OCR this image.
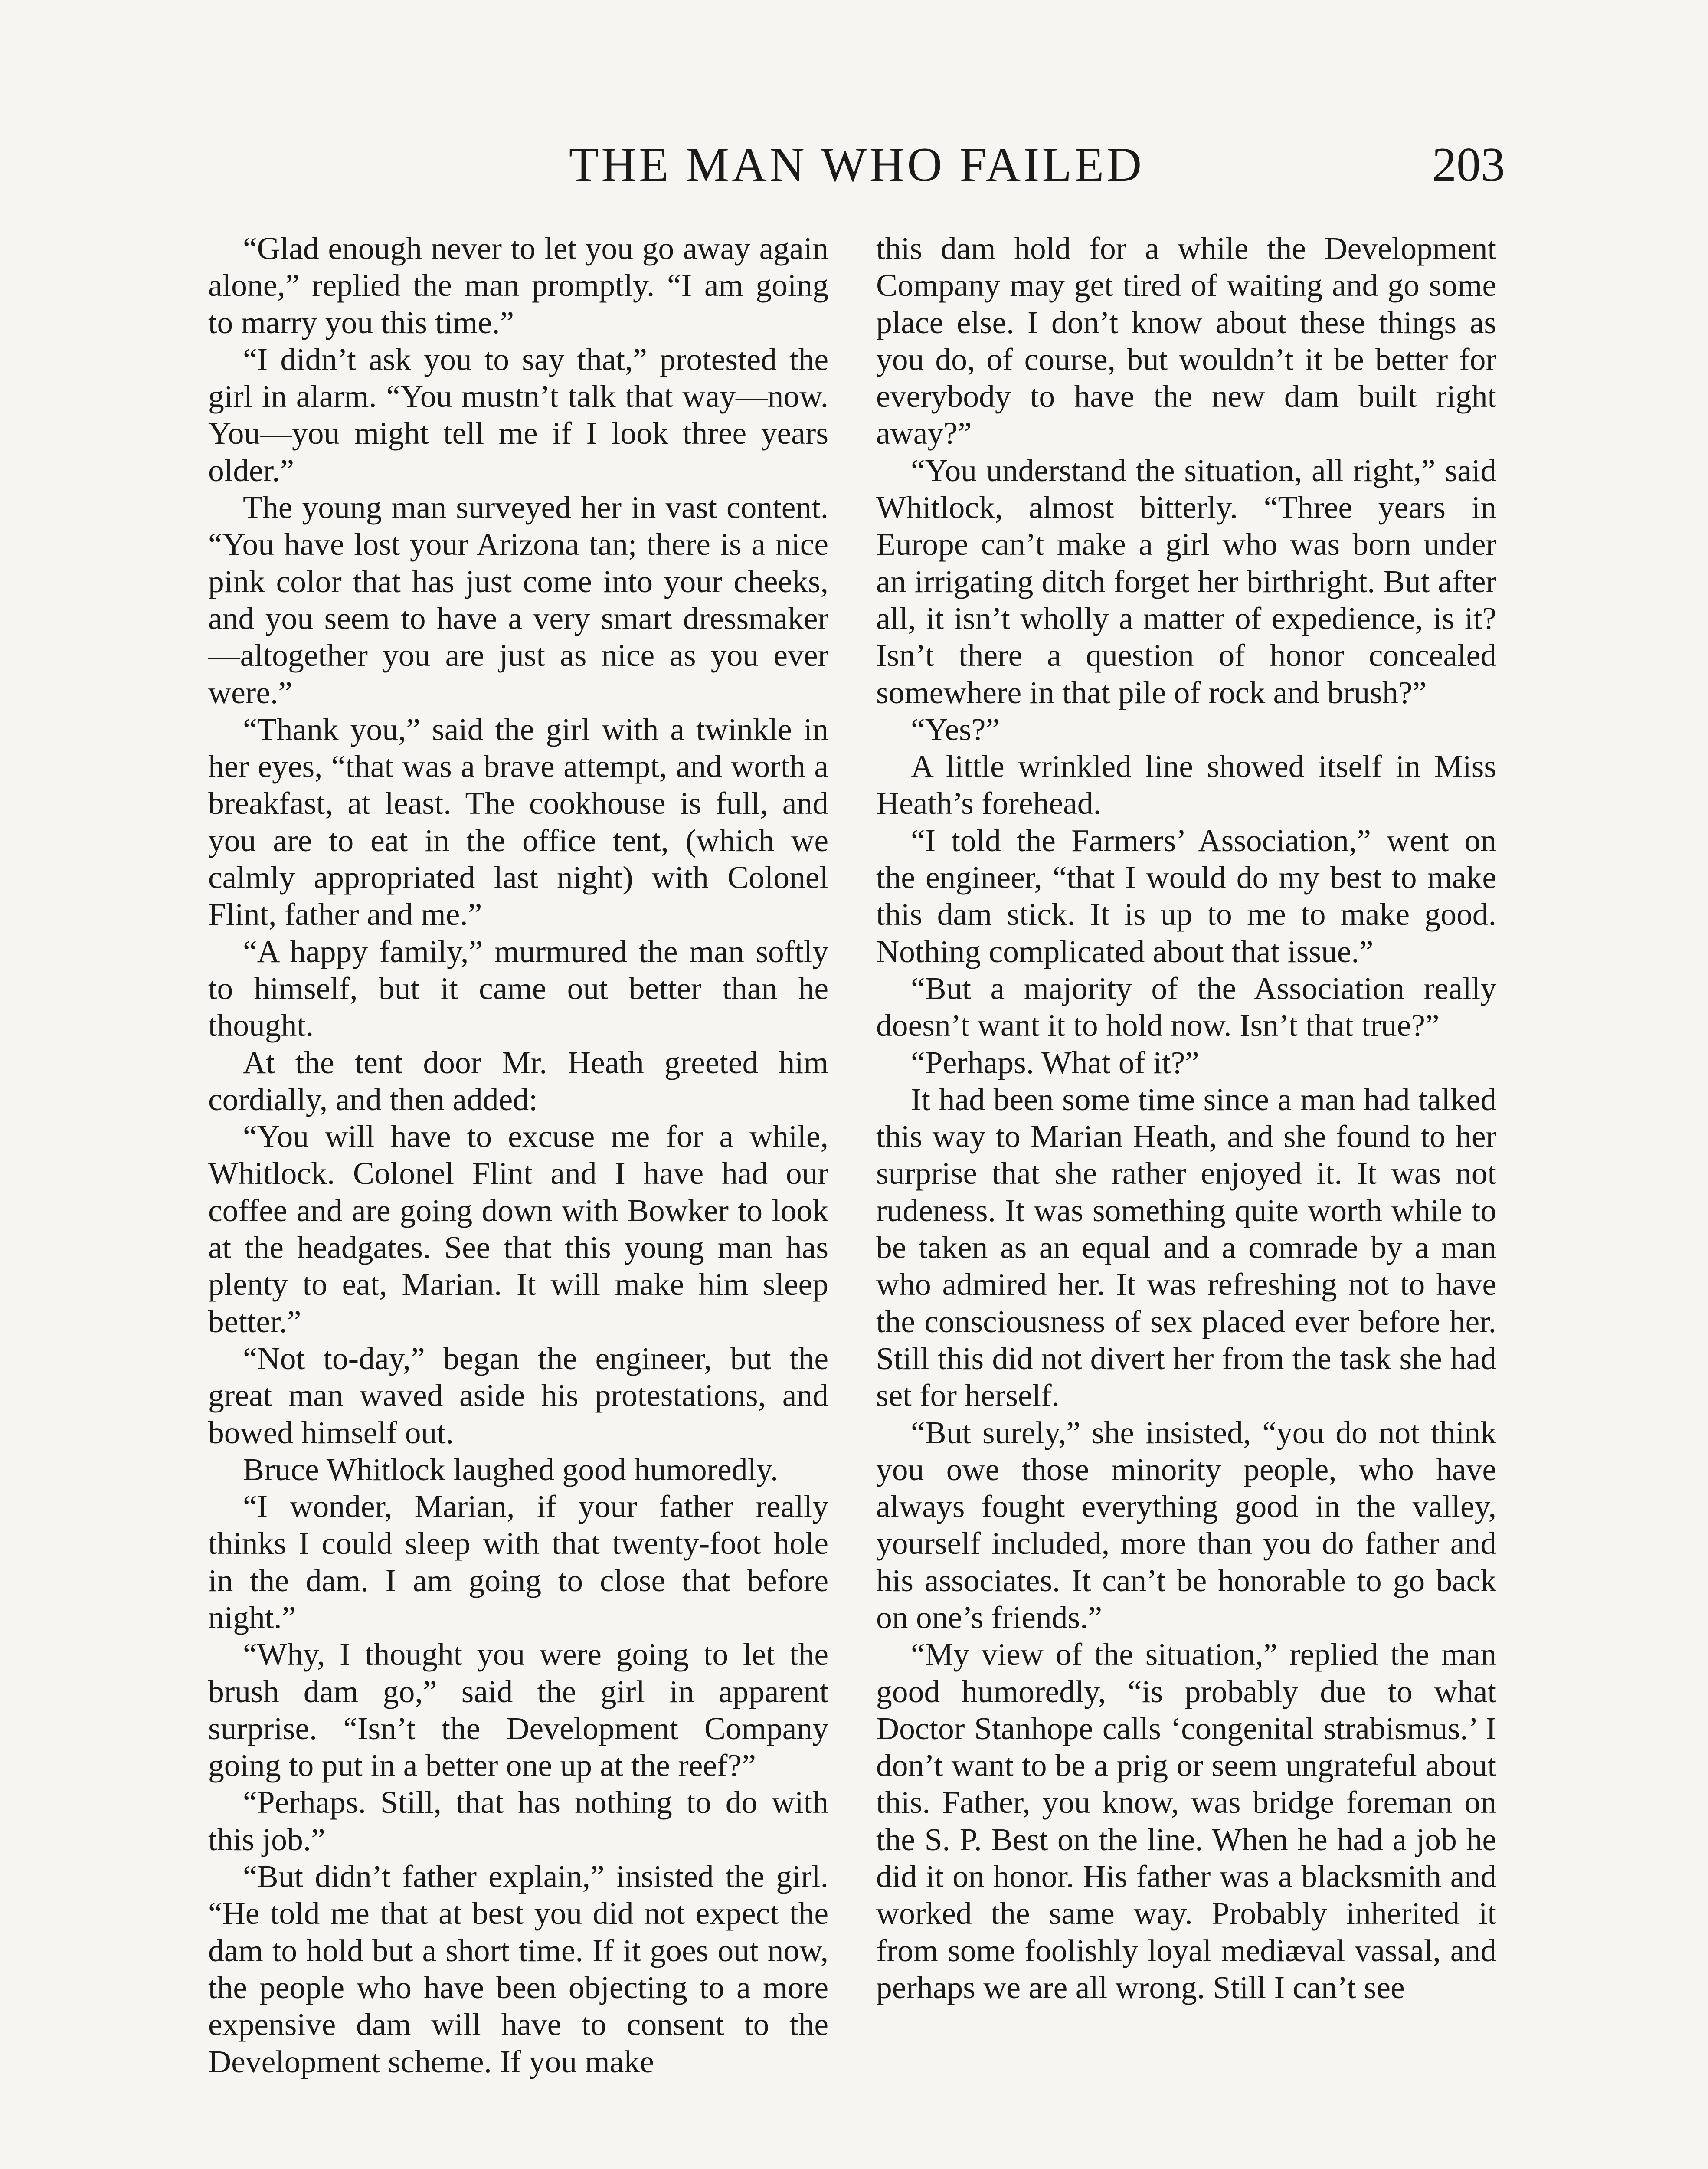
THE MAN WHO FAILED	203

“Glad enough never to let you go away again alone,” replied the man promptly. “I am going to marry you this time.”

“I didn’t ask you to say that,” protested the girl in alarm. “You mustn’t talk that way—now. You—you might tell me if I look three years older.”

The young man surveyed her in vast content. “You have lost your Arizona tan; there is a nice pink color that has just come into your cheeks, and you seem to have a very smart dressmaker —altogether you are just as nice as you ever were.”

“Thank you,” said the girl with a twinkle in her eyes, “that was a brave attempt, and worth a breakfast, at least. The cookhouse is full, and you are to eat in the office tent, (which we calmly appropriated last night) with Colonel Flint, father and me.”

“A happy family,” murmured the man softly to himself, but it came out better than he thought.

At the tent door Mr. Heath greeted him cordially, and then added:

“You will have to excuse me for a while, Whitlock. Colonel Flint and I have had our coffee and are going down with Bowker to look at the headgates. See that this young man has plenty to eat, Marian. It will make him sleep better.”

“Not to-day,” began the engineer, but the great man waved aside his protestations, and bowed himself out.

Bruce Whitlock laughed good humoredly.

“I wonder, Marian, if your father really thinks I could sleep with that twenty-foot hole in the dam. I am going to close that before night.”

“Why, I thought you were going to let the brush dam go,” said the girl in apparent surprise. “Isn’t the Development Company going to put in a better one up at the reef?”

“Perhaps. Still, that has nothing to do with this job.”

“But didn’t father explain,” insisted the girl. “He told me that at best you did not expect the dam to hold but a short time. If it goes out now, the people who have been objecting to a more expensive dam will have to consent to the Development scheme. If you make

this dam hold for a while the Development Company may get tired of waiting and go some place else. I don’t know about these things as you do, of course, but wouldn’t it be better for everybody to have the new dam built right away?”

“You understand the situation, all right,” said Whitlock, almost bitterly. “Three years in Europe can’t make a girl who was born under an irrigating ditch forget her birthright. But after all, it isn’t wholly a matter of expedience, is it? Isn’t there a question of honor concealed somewhere in that pile of rock and brush?”

“Yes?”

A little wrinkled line showed itself in Miss Heath’s forehead.

“I told the Farmers’ Association,” went on the engineer, “that I would do my best to make this dam stick. It is up to me to make good. Nothing complicated about that issue.”

“But a majority of the Association really doesn’t want it to hold now. Isn’t that true?”

“Perhaps. What of it?”

It had been some time since a man had talked this way to Marian Heath, and she found to her surprise that she rather enjoyed it. It was not rudeness. It was something quite worth while to be taken as an equal and a comrade by a man who admired her. It was refreshing not to have the consciousness of sex placed ever before her. Still this did not divert her from the task she had set for herself.

“But surely,” she insisted, “you do not think you owe those minority people, who have always fought everything good in the valley, yourself included, more than you do father and his associates. It can’t be honorable to go back on one’s friends.”

“My view of the situation,” replied the man good humoredly, “is probably due to what Doctor Stanhope calls ‘congenital strabismus.’ I don’t want to be a prig or seem ungrateful about this. Father, you know, was bridge foreman on the S. P. Best on the line. When he had a job he did it on honor. His father was a blacksmith and worked the same way. Probably inherited it from some foolishly loyal mediæval vassal, and perhaps we are all wrong. Still I can’t see
